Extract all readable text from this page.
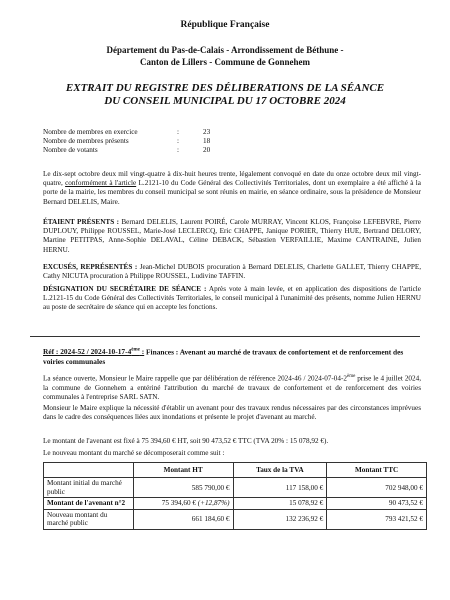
République Française
Département du Pas-de-Calais - Arrondissement de Béthune -
Canton de Lillers - Commune de Gonnehem
EXTRAIT DU REGISTRE DES DÉLIBERATIONS DE LA SÉANCE
DU CONSEIL MUNICIPAL DU 17 OCTOBRE 2024
Nombre de membres en exercice	:	23
Nombre de membres présents	:	18
Nombre de votants	:	20
Le dix-sept octobre deux mil vingt-quatre à dix-huit heures trente, légalement convoqué en date du onze octobre deux mil vingt-quatre, conformément à l'article L.2121-10 du Code Général des Collectivités Territoriales, dont un exemplaire a été affiché à la porte de la mairie, les membres du conseil municipal se sont réunis en mairie, en séance ordinaire, sous la présidence de Monsieur Bernard DELELIS, Maire.
ÉTAIENT PRÉSENTS : Bernard DELELIS, Laurent POIRÉ, Carole MURRAY, Vincent KLOS, Françoise LEFEBVRE, Pierre DUPLOUY, Philippe ROUSSEL, Marie-José LECLERCQ, Eric CHAPPE, Janique PORIER, Thierry HUE, Bertrand DELORY, Martine PETITPAS, Anne-Sophie DELAVAL, Céline DEBACK, Sébastien VERFAILLIE, Maxime CANTRAINE, Julien HERNU.
EXCUSÉS, REPRÉSENTÉS : Jean-Michel DUBOIS procuration à Bernard DELELIS, Charlette GALLET, Thierry CHAPPE, Cathy NICUTA procuration à Philippe ROUSSEL, Ludivine TAFFIN.
DÉSIGNATION DU SECRÉTAIRE DE SÉANCE : Après vote à main levée, et en application des dispositions de l'article L.2121-15 du Code Général des Collectivités Territoriales, le conseil municipal à l'unanimité des présents, nomme Julien HERNU au poste de secrétaire de séance qui en accepte les fonctions.
Réf : 2024-52 / 2024-10-17-4ème : Finances : Avenant au marché de travaux de confortement et de renforcement des voiries communales
La séance ouverte, Monsieur le Maire rappelle que par délibération de référence 2024-46 / 2024-07-04-2ème prise le 4 juillet 2024, la commune de Gonnehem a entériné l'attribution du marché de travaux de confortement et de renforcement des voiries communales à l'entreprise SARL SATN.
Monsieur le Maire explique la nécessité d'établir un avenant pour des travaux rendus nécessaires par des circonstances imprévues dans le cadre des conséquences liées aux inondations et présente le projet d'avenant au marché.
Le montant de l'avenant est fixé à 75 394,60 € HT, soit 90 473,52 € TTC (TVA 20% : 15 078,92 €).
Le nouveau montant du marché se décomposerait comme suit :
	Montant HT	Taux de la TVA	Montant TTC
Montant initial du marché public	585 790,00 €	117 158,00 €	702 948,00 €
Montant de l'avenant n°2	75 394,60 € (+12,87%)	15 078,92 €	90 473,52 €
Nouveau montant du marché public	661 184,60 €	132 236,92 €	793 421,52 €
